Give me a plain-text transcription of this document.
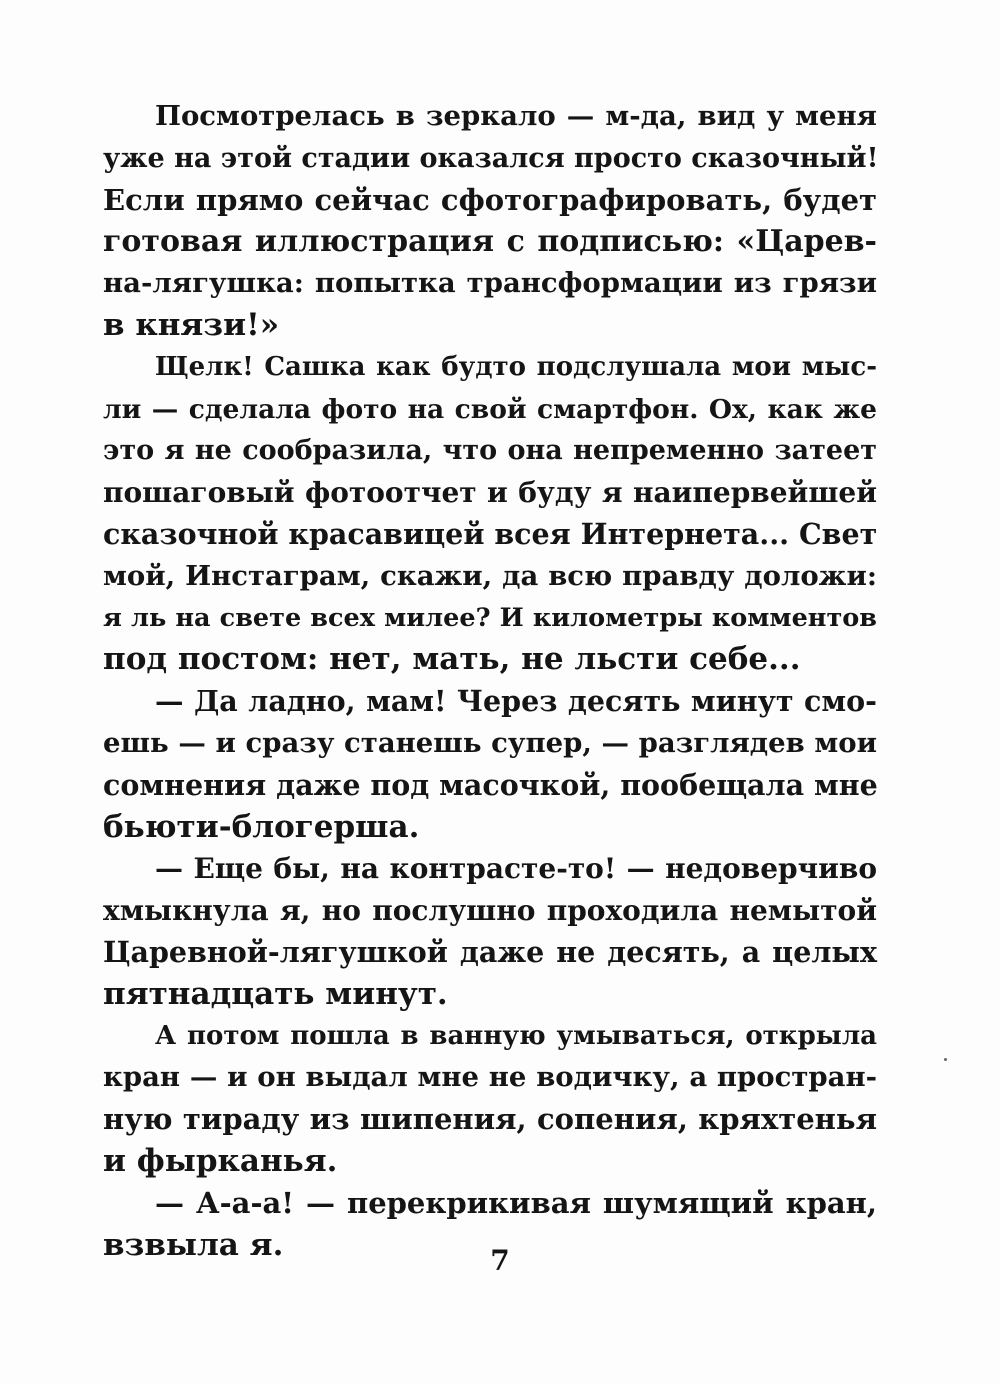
Посмотрелась в зеркало — м-да, вид у меня
уже на этой стадии оказался просто сказочный!
Если прямо сейчас сфотографировать, будет
готовая иллюстрация с подписью: «Царев-
на-лягушка: попытка трансформации из грязи
в князи!»
Щелк! Сашка как будто подслушала мои мыс-
ли — сделала фото на свой смартфон. Ох, как же
это я не сообразила, что она непременно затеет
пошаговый фотоотчет и буду я наипервейшей
сказочной красавицей всея Интернета... Свет
мой, Инстаграм, скажи, да всю правду доложи:
я ль на свете всех милее? И километры комментов
под постом: нет, мать, не льсти себе...
— Да ладно, мам! Через десять минут смо-
ешь — и сразу станешь супер, — разглядев мои
сомнения даже под масочкой, пообещала мне
бьюти-блогерша.
— Еще бы, на контрасте-то! — недоверчиво
хмыкнула я, но послушно проходила немытой
Царевной-лягушкой даже не десять, а целых
пятнадцать минут.
А потом пошла в ванную умываться, открыла
кран — и он выдал мне не водичку, а простран-
ную тираду из шипения, сопения, кряхтенья
и фырканья.
— А-а-а! — перекрикивая шумящий кран,
взвыла я.	7
